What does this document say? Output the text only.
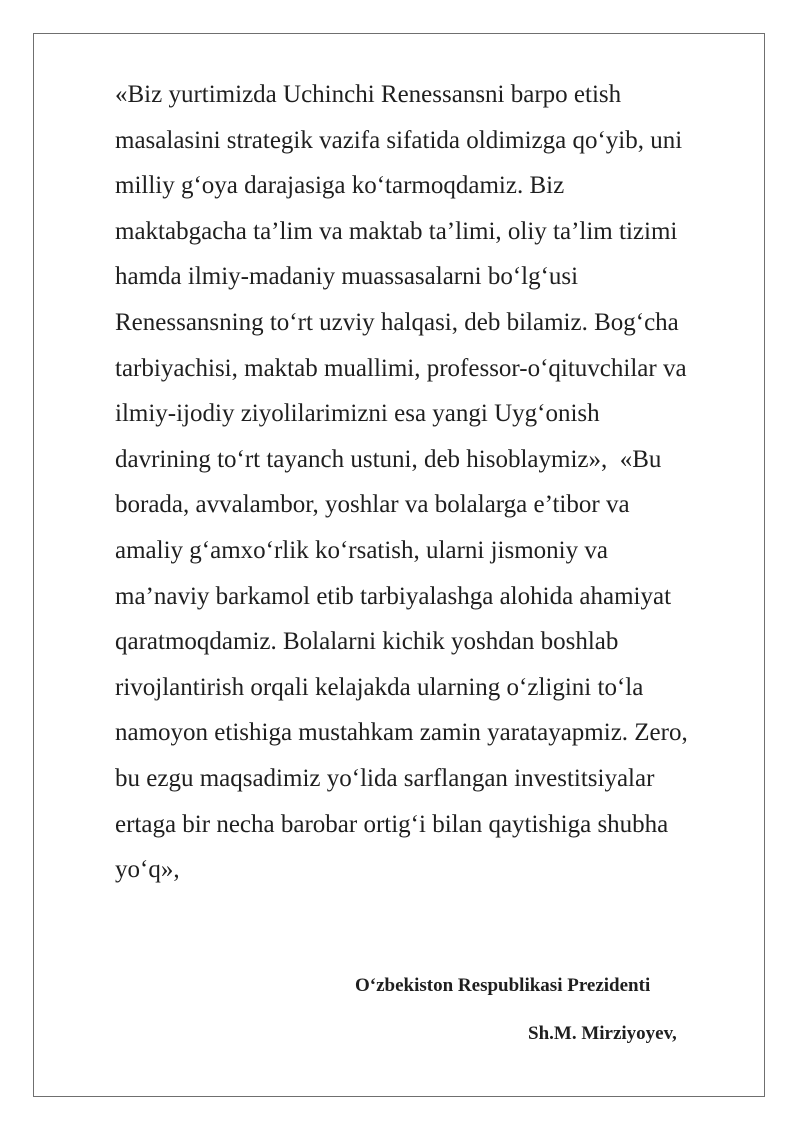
«Biz yurtimizda Uchinchi Renessansni barpo etish
masalasini strategik vazifa sifatida oldimizga qo‘yib, uni
milliy g‘oya darajasiga ko‘tarmoqdamiz. Biz
maktabgacha ta’lim va maktab ta’limi, oliy ta’lim tizimi
hamda ilmiy-madaniy muassasalarni bo‘lg‘usi
Renessansning to‘rt uzviy halqasi, deb bilamiz. Bog‘cha
tarbiyachisi, maktab muallimi, professor-o‘qituvchilar va
ilmiy-ijodiy ziyolilarimizni esa yangi Uyg‘onish
davrining to‘rt tayanch ustuni, deb hisoblaymiz»,  «Bu
borada, avvalambor, yoshlar va bolalarga e’tibor va
amaliy g‘amxo‘rlik ko‘rsatish, ularni jismoniy va
ma’naviy barkamol etib tarbiyalashga alohida ahamiyat
qaratmoqdamiz. Bolalarni kichik yoshdan boshlab
rivojlantirish orqali kelajakda ularning o‘zligini to‘la
namoyon etishiga mustahkam zamin yaratayapmiz. Zero,
bu ezgu maqsadimiz yo‘lida sarflangan investitsiyalar
ertaga bir necha barobar ortig‘i bilan qaytishiga shubha
yo‘q»,
O‘zbekiston Respublikasi Prezidenti
Sh.M. Mirziyoyev,
